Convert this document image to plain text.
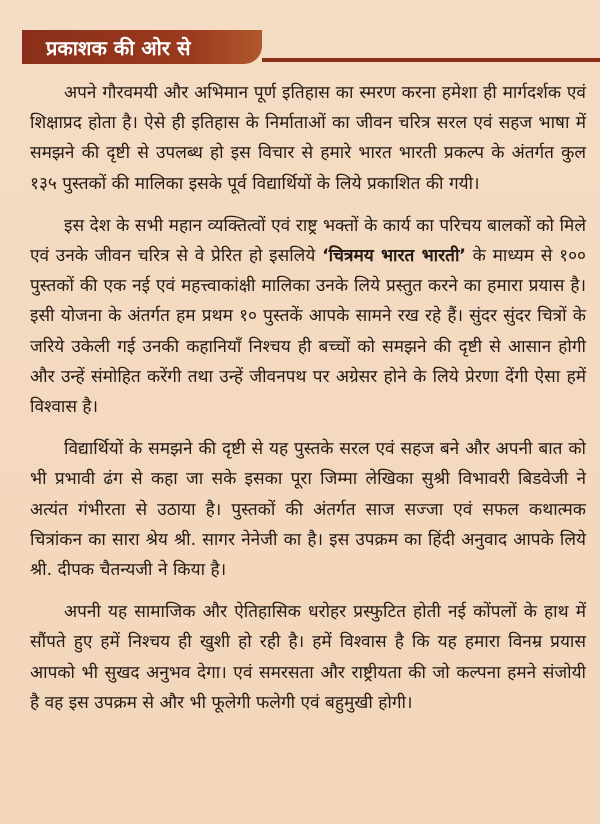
प्रकाशक की ओर से

अपने गौरवमयी और अभिमान पूर्ण इतिहास का स्मरण करना हमेशा ही मार्गदर्शक एवं शिक्षाप्रद होता है। ऐसे ही इतिहास के निर्माताओं का जीवन चरित्र सरल एवं सहज भाषा में समझने की दृष्टी से उपलब्ध हो इस विचार से हमारे भारत भारती प्रकल्प के अंतर्गत कुल १३५ पुस्तकों की मालिका इसके पूर्व विद्यार्थियों के लिये प्रकाशित की गयी।

इस देश के सभी महान व्यक्तित्वों एवं राष्ट्र भक्तों के कार्य का परिचय बालकों को मिले एवं उनके जीवन चरित्र से वे प्रेरित हो इसलिये ‘चित्रमय भारत भारती’ के माध्यम से १०० पुस्तकों की एक नई एवं महत्त्वाकांक्षी मालिका उनके लिये प्रस्तुत करने का हमारा प्रयास है। इसी योजना के अंतर्गत हम प्रथम १० पुस्तकें आपके सामने रख रहे हैं। सुंदर सुंदर चित्रों के जरिये उकेली गई उनकी कहानियाँ निश्चय ही बच्चों को समझने की दृष्टी से आसान होगी और उन्हें संमोहित करेंगी तथा उन्हें जीवनपथ पर अग्रेसर होने के लिये प्रेरणा देंगी ऐसा हमें विश्वास है।

विद्यार्थियों के समझने की दृष्टी से यह पुस्तके सरल एवं सहज बने और अपनी बात को भी प्रभावी ढंग से कहा जा सके इसका पूरा जिम्मा लेखिका सुश्री विभावरी बिडवेजी ने अत्यंत गंभीरता से उठाया है। पुस्तकों की अंतर्गत साज सज्जा एवं सफल कथात्मक चित्रांकन का सारा श्रेय श्री. सागर नेनेजी का है। इस उपक्रम का हिंदी अनुवाद आपके लिये श्री. दीपक चैतन्यजी ने किया है।

अपनी यह सामाजिक और ऐतिहासिक धरोहर प्रस्फुटित होती नई कोंपलों के हाथ में सौंपते हुए हमें निश्चय ही खुशी हो रही है। हमें विश्वास है कि यह हमारा विनम्र प्रयास आपको भी सुखद अनुभव देगा। एवं समरसता और राष्ट्रीयता की जो कल्पना हमने संजोयी है वह इस उपक्रम से और भी फूलेगी फलेगी एवं बहुमुखी होगी।
